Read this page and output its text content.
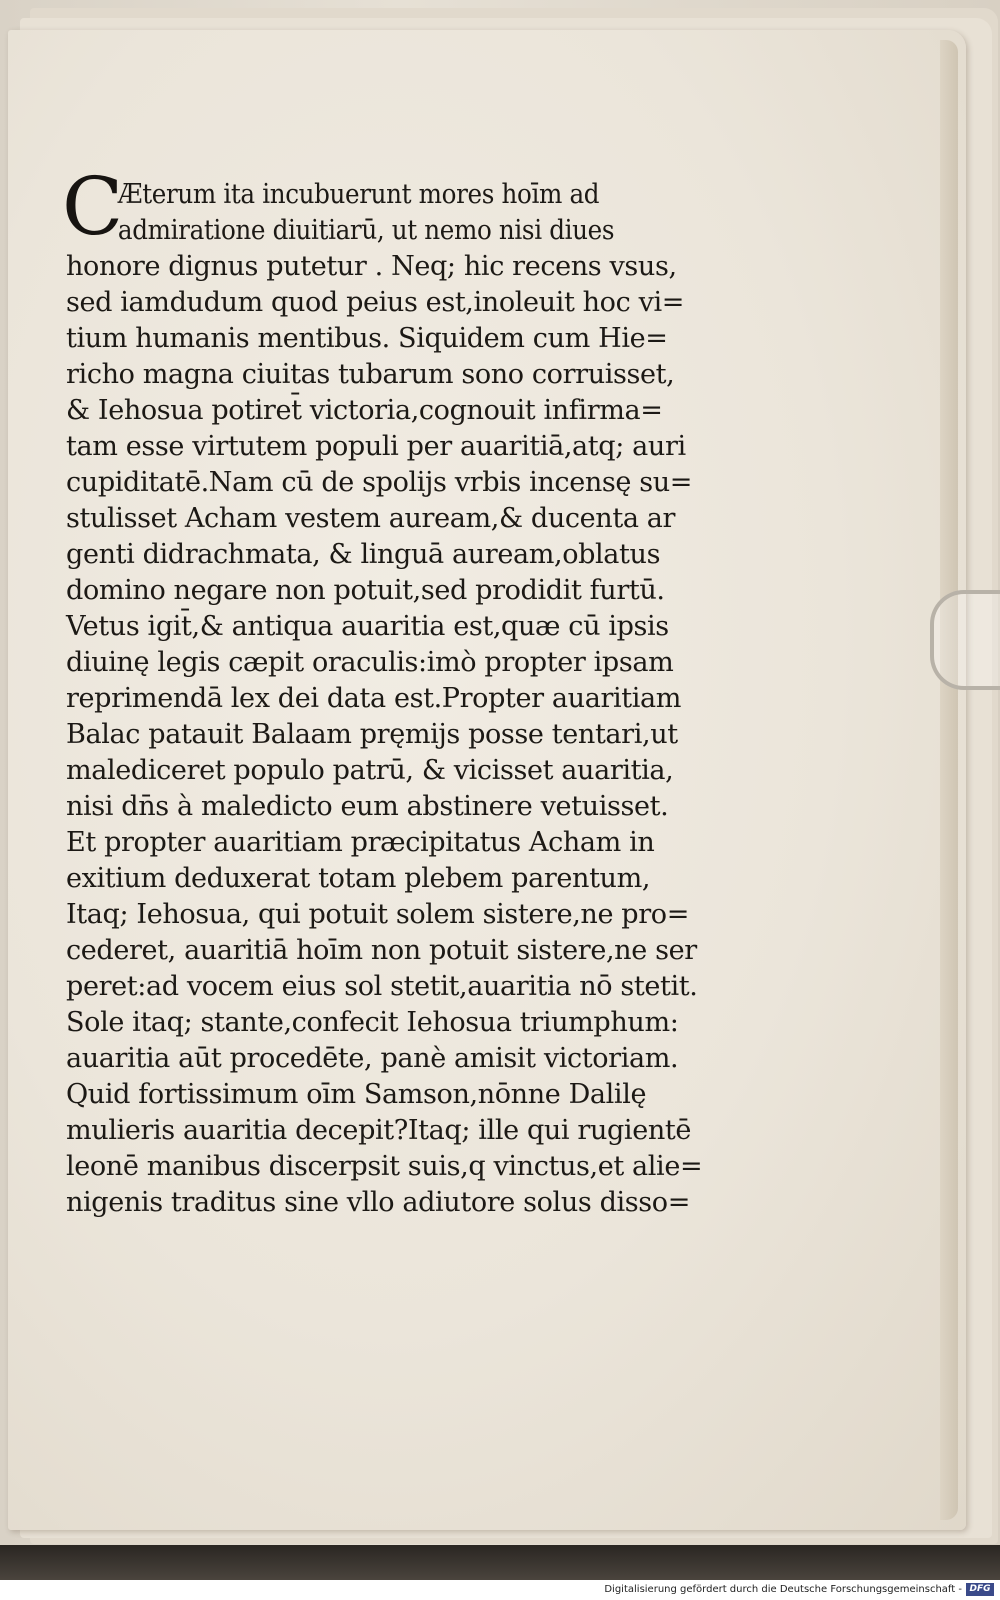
C
Æterum ita incubuerunt mores hoīm ad
admiratione diuitiarū, ut nemo nisi diues
honore dignus putetur . Neq; hic recens vsus,
sed iamdudum quod peius est,inoleuit hoc vi=
tium humanis mentibus. Siquidem cum Hie=
richo magna ciuitas tubarum sono corruisset,
& Iehosua potiret̄ victoria,cognouit infirma=
tam esse virtutem populi per auaritiā,atq; auri
cupiditatē.Nam cū de spolijs vrbis incensę su=
stulisset Acham vestem auream,& ducenta ar
genti didrachmata, & linguā auream,oblatus
domino negare non potuit,sed prodidit furtū.
Vetus igit̄,& antiqua auaritia est,quæ cū ipsis
diuinę legis cæpit oraculis:imò propter ipsam
reprimendā lex dei data est.Propter auaritiam
Balac patauit Balaam pręmijs posse tentari,ut
malediceret populo patrū, & vicisset auaritia,
nisi dn̄s à maledicto eum abstinere vetuisset.
Et propter auaritiam præcipitatus Acham in
exitium deduxerat totam plebem parentum,
Itaq; Iehosua, qui potuit solem sistere,ne pro=
cederet, auaritiā hoīm non potuit sistere,ne ser
peret:ad vocem eius sol stetit,auaritia nō stetit.
Sole itaq; stante,confecit Iehosua triumphum:
auaritia aūt procedēte, panè amisit victoriam.
Quid fortissimum oīm Samson,nōnne Dalilę
mulieris auaritia decepit?Itaq; ille qui rugientē
leonē manibus discerpsit suis,q vinctus,et alie=
nigenis traditus sine vllo adiutore solus disso=
Digitalisierung gefördert durch die Deutsche Forschungsgemeinschaft - DFG
